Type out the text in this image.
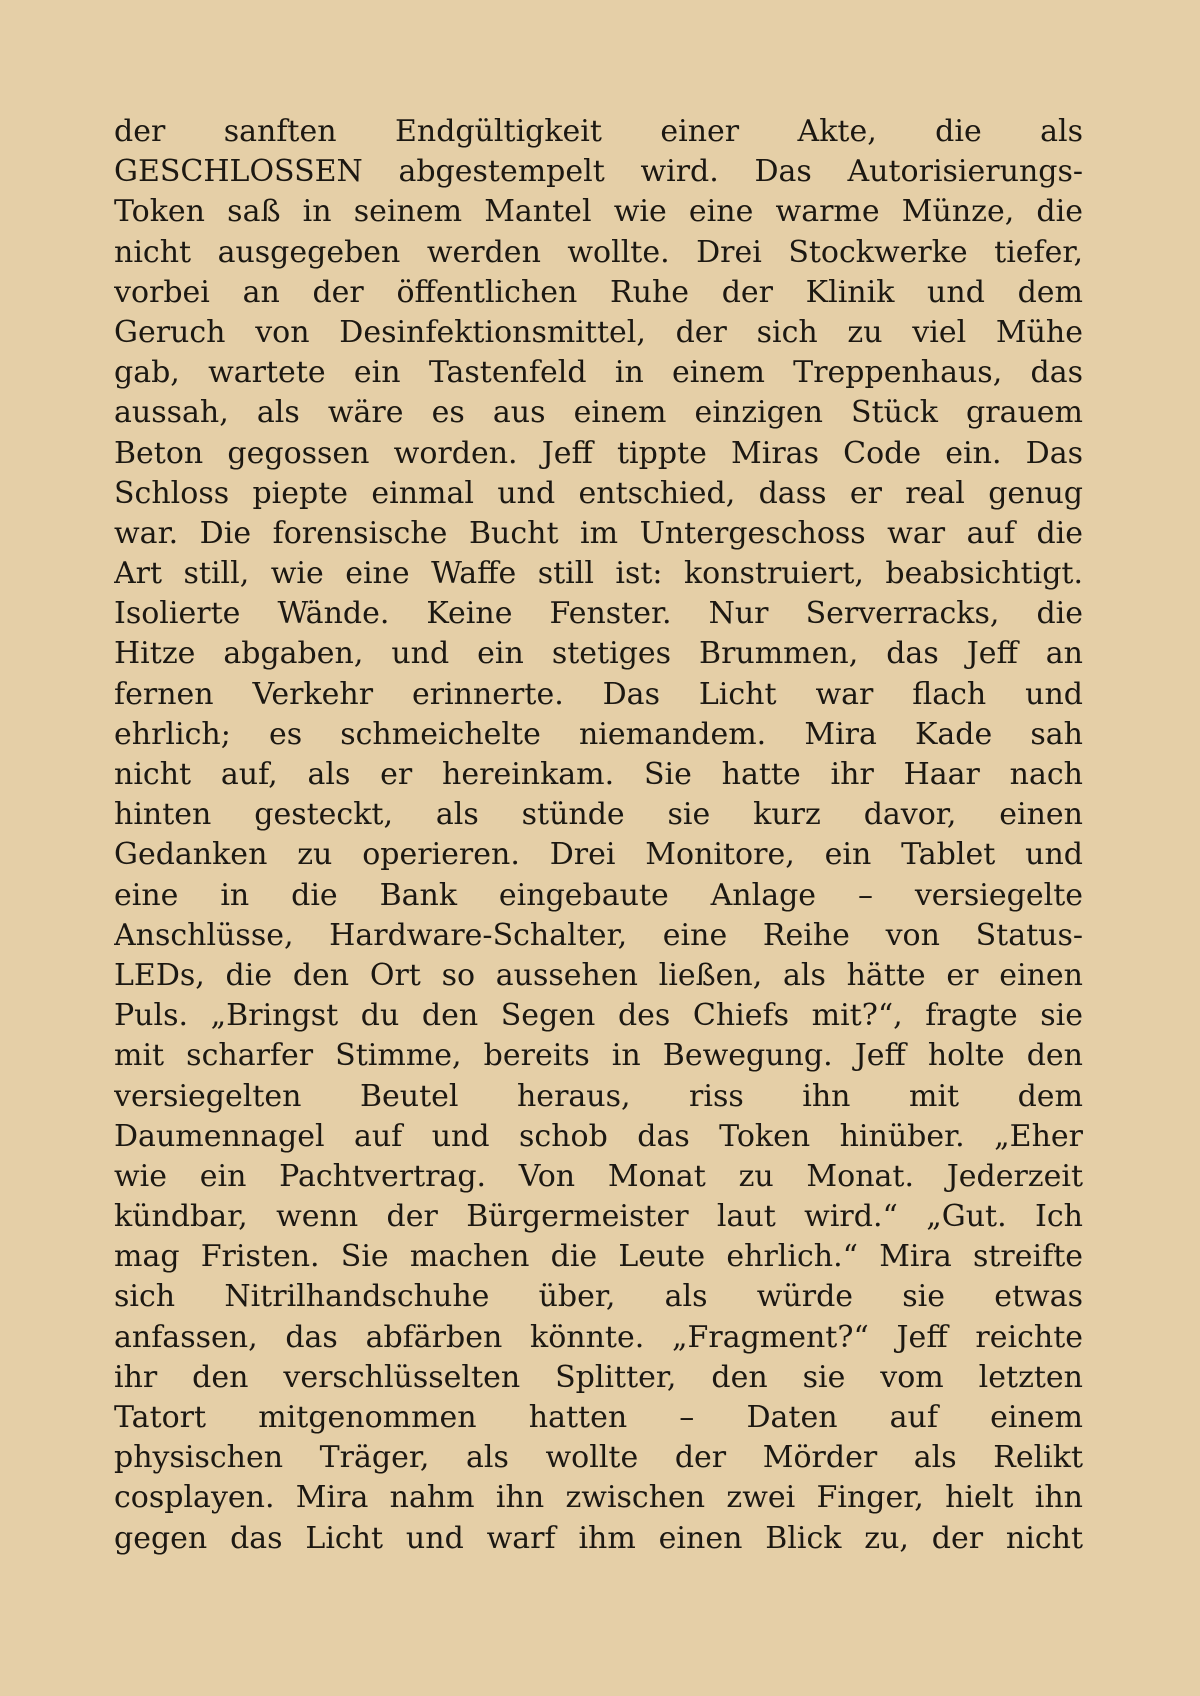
der sanften Endgültigkeit einer Akte, die als
GESCHLOSSEN abgestempelt wird. Das Autorisierungs-
Token saß in seinem Mantel wie eine warme Münze, die
nicht ausgegeben werden wollte. Drei Stockwerke tiefer,
vorbei an der öffentlichen Ruhe der Klinik und dem
Geruch von Desinfektionsmittel, der sich zu viel Mühe
gab, wartete ein Tastenfeld in einem Treppenhaus, das
aussah, als wäre es aus einem einzigen Stück grauem
Beton gegossen worden. Jeff tippte Miras Code ein. Das
Schloss piepte einmal und entschied, dass er real genug
war. Die forensische Bucht im Untergeschoss war auf die
Art still, wie eine Waffe still ist: konstruiert, beabsichtigt.
Isolierte Wände. Keine Fenster. Nur Serverracks, die
Hitze abgaben, und ein stetiges Brummen, das Jeff an
fernen Verkehr erinnerte. Das Licht war flach und
ehrlich; es schmeichelte niemandem. Mira Kade sah
nicht auf, als er hereinkam. Sie hatte ihr Haar nach
hinten gesteckt, als stünde sie kurz davor, einen
Gedanken zu operieren. Drei Monitore, ein Tablet und
eine in die Bank eingebaute Anlage – versiegelte
Anschlüsse, Hardware-Schalter, eine Reihe von Status-
LEDs, die den Ort so aussehen ließen, als hätte er einen
Puls. „Bringst du den Segen des Chiefs mit?“, fragte sie
mit scharfer Stimme, bereits in Bewegung. Jeff holte den
versiegelten Beutel heraus, riss ihn mit dem
Daumennagel auf und schob das Token hinüber. „Eher
wie ein Pachtvertrag. Von Monat zu Monat. Jederzeit
kündbar, wenn der Bürgermeister laut wird.“ „Gut. Ich
mag Fristen. Sie machen die Leute ehrlich.“ Mira streifte
sich Nitrilhandschuhe über, als würde sie etwas
anfassen, das abfärben könnte. „Fragment?“ Jeff reichte
ihr den verschlüsselten Splitter, den sie vom letzten
Tatort mitgenommen hatten – Daten auf einem
physischen Träger, als wollte der Mörder als Relikt
cosplayen. Mira nahm ihn zwischen zwei Finger, hielt ihn
gegen das Licht und warf ihm einen Blick zu, der nicht
